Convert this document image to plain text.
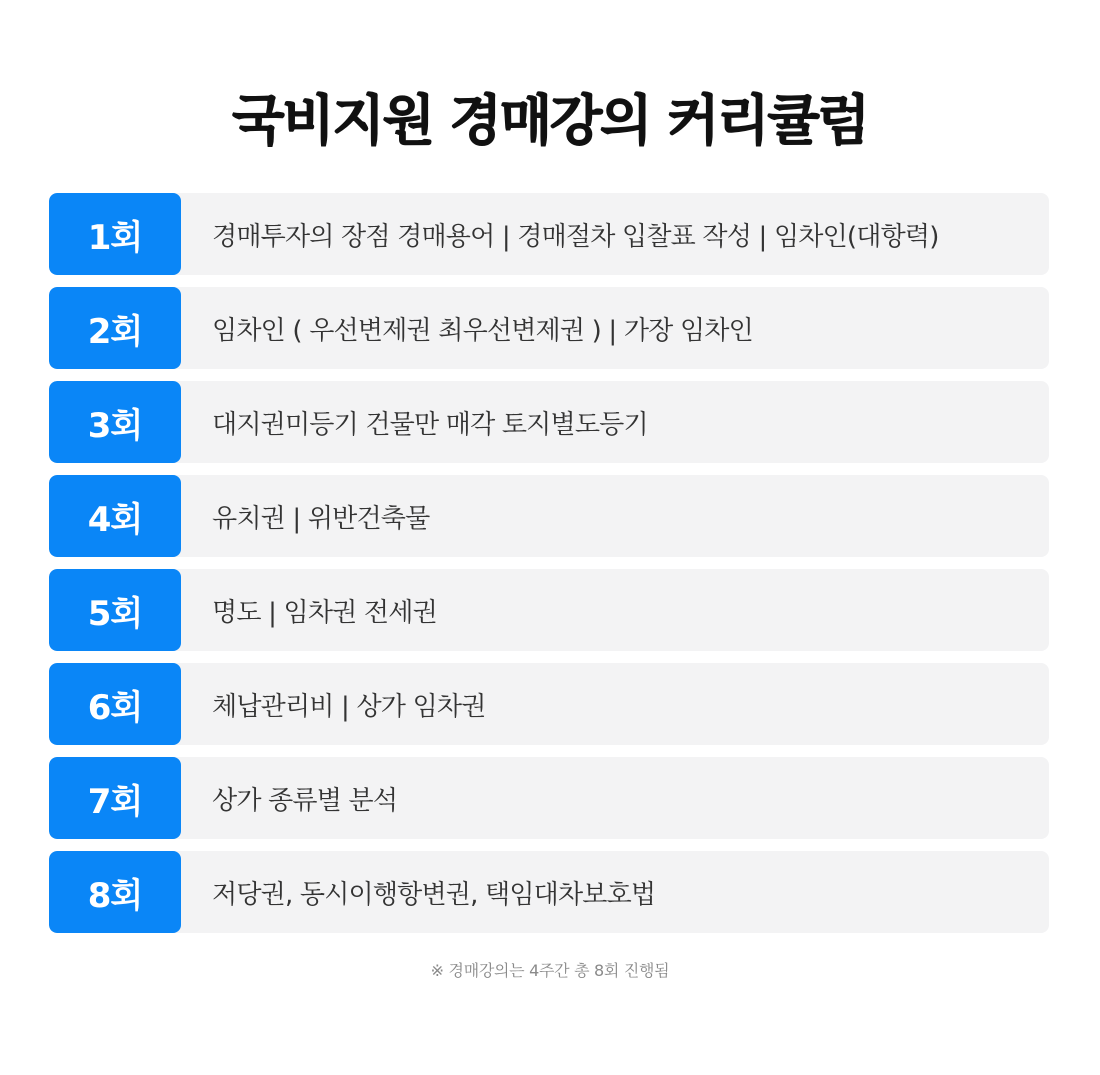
국비지원 경매강의 커리큘럼
1회	경매투자의 장점 경매용어 | 경매절차 입찰표 작성 | 임차인(대항력)
2회	임차인 ( 우선변제권 최우선변제권 ) | 가장 임차인
3회	대지권미등기 건물만 매각 토지별도등기
4회	유치권 | 위반건축물
5회	명도 | 임차권 전세권
6회	체납관리비 | 상가 임차권
7회	상가 종류별 분석
8회	저당권, 동시이행항변권, 택임대차보호법
※ 경매강의는 4주간 총 8회 진행됨
